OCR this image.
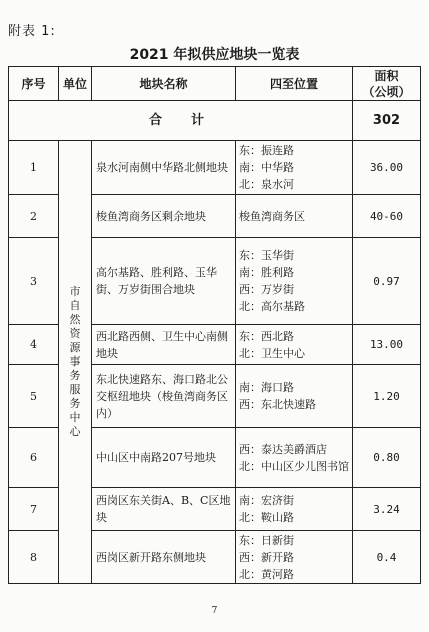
附表 1:
2021 年拟供应地块一览表
序号	单位	地块名称	四至位置	面积
（公顷）

合　计				302
1	市自然资源事务服务中心	泉水河南侧中华路北侧地块	东：振连路
南：中华路
北：泉水河	36.00
2		梭鱼湾商务区剩余地块	梭鱼湾商务区	40-60
3		高尔基路、胜利路、玉华街、万岁街围合地块	东：玉华街
南：胜利路
西：万岁街
北：高尔基路	0.97
4		西北路西侧、卫生中心南侧地块	东：西北路
北：卫生中心	13.00
5		东北快速路东、海口路北公交枢纽地块（梭鱼湾商务区内）	南：海口路
西：东北快速路	1.20
6		中山区中南路207号地块	西：泰达美爵酒店
北：中山区少儿图书馆	0.80
7		西岗区东关街A、B、C区地块	南：宏济街
北：鞍山路	3.24
8		西岗区新开路东侧地块	东：日新街
西：新开路
北：黄河路	0.4
7
